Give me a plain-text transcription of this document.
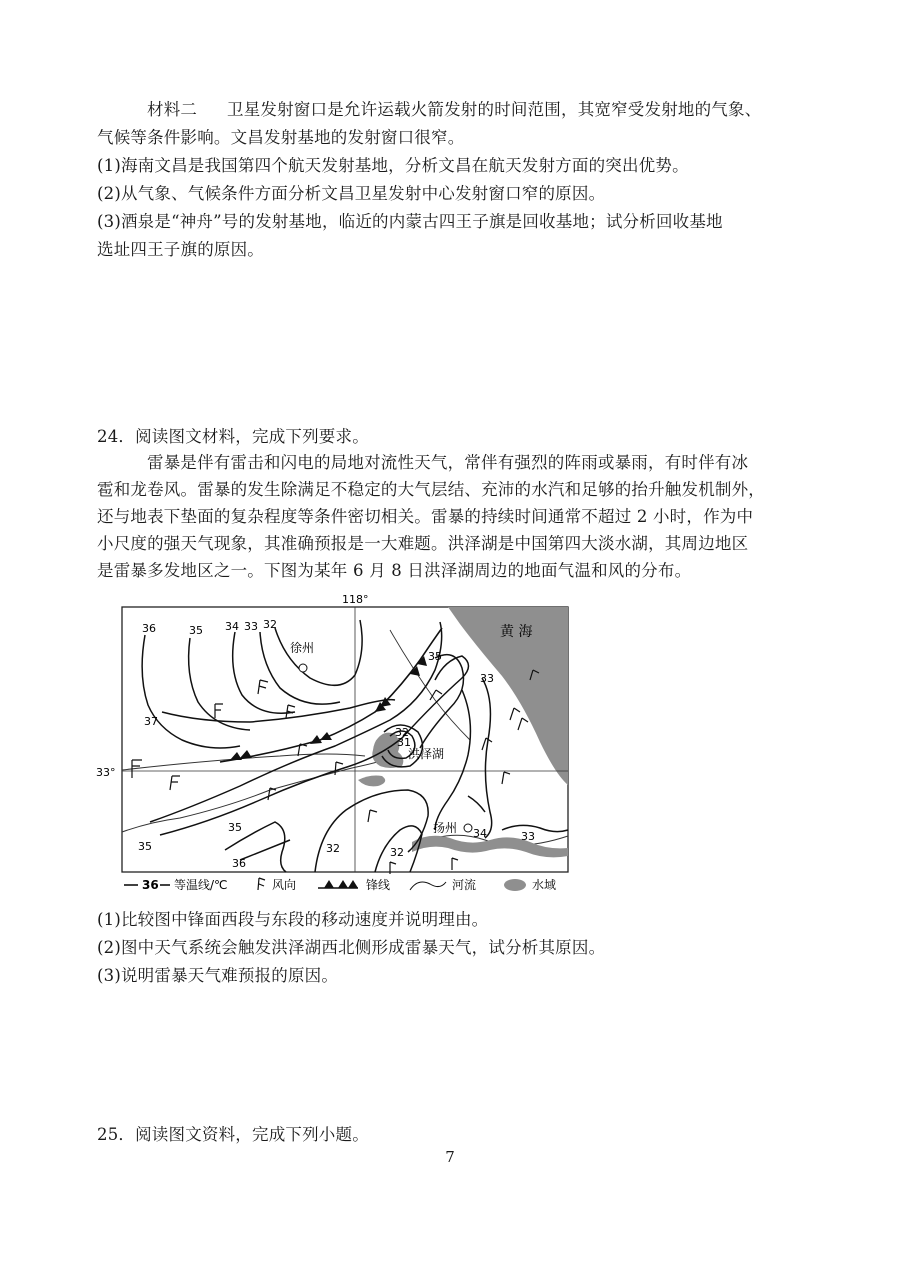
材料二 卫星发射窗口是允许运载火箭发射的时间范围，其宽窄受发射地的气象、
气候等条件影响。文昌发射基地的发射窗口很窄。
(1)海南文昌是我国第四个航天发射基地，分析文昌在航天发射方面的突出优势。
(2)从气象、气候条件方面分析文昌卫星发射中心发射窗口窄的原因。
(3)酒泉是“神舟”号的发射基地，临近的内蒙古四王子旗是回收基地；试分析回收基地
选址四王子旗的原因。
24．阅读图文材料，完成下列要求。
雷暴是伴有雷击和闪电的局地对流性天气，常伴有强烈的阵雨或暴雨，有时伴有冰
雹和龙卷风。雷暴的发生除满足不稳定的大气层结、充沛的水汽和足够的抬升触发机制外，
还与地表下垫面的复杂程度等条件密切相关。雷暴的持续时间通常不超过 2 小时，作为中
小尺度的强天气现象，其准确预报是一大难题。洪泽湖是中国第四大淡水湖，其周边地区
是雷暴多发地区之一。下图为某年 6 月 8 日洪泽湖周边的地面气温和风的分布。
黄 海
118°
33°
徐州
扬州
洪泽湖
36	35 34 33 32
35
33
37
32
31
35
35
36
32	32
34	33
36 等温线/℃	风向	锋线	河流	水域
(1)比较图中锋面西段与东段的移动速度并说明理由。
(2)图中天气系统会触发洪泽湖西北侧形成雷暴天气，试分析其原因。
(3)说明雷暴天气难预报的原因。
25．阅读图文资料，完成下列小题。
7
